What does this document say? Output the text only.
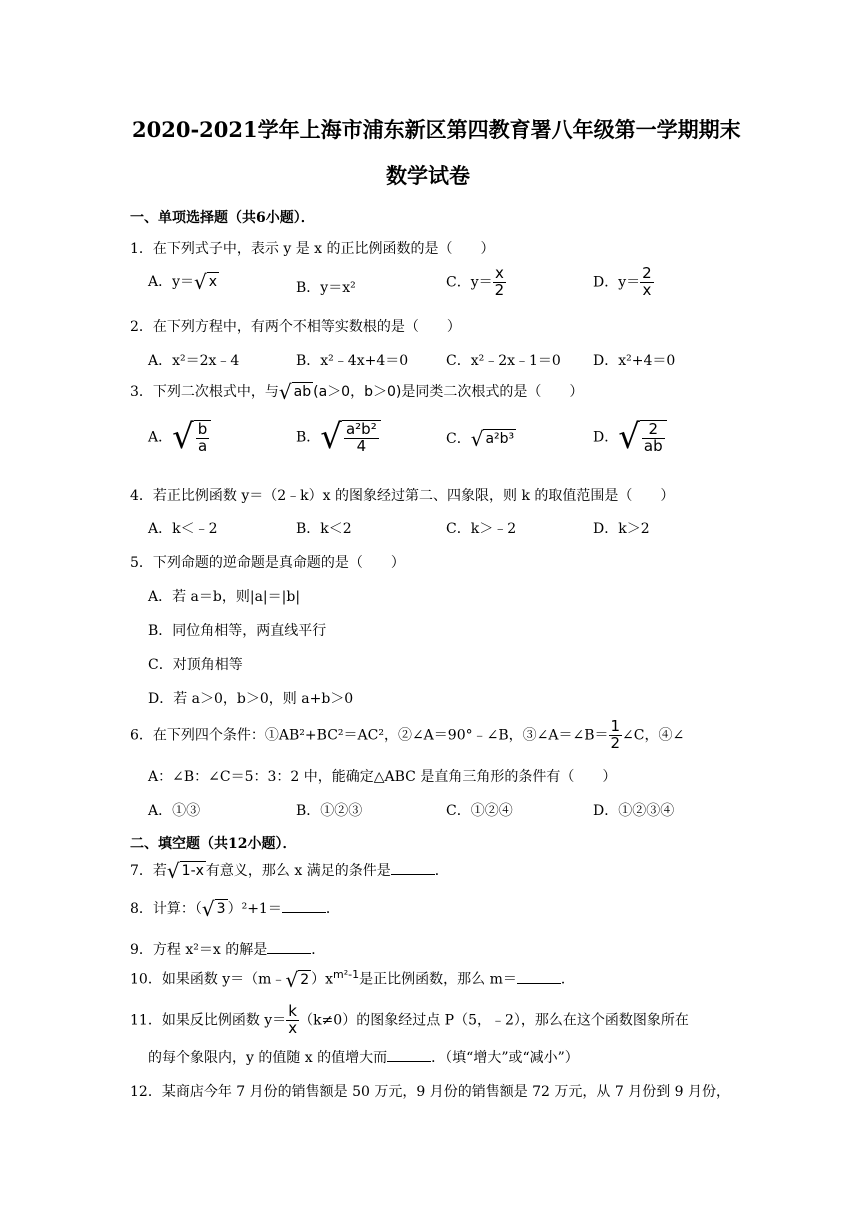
2020-2021学年上海市浦东新区第四教育署八年级第一学期期末
数学试卷
一、单项选择题（共6小题）．
1．在下列式子中，表示 y 是 x 的正比例函数的是（　　）
A．y＝ √ x	B．y＝x²	C．$y= \frac{x}{2}$	D．$y= \frac{2}{x}$
2．在下列方程中，有两个不相等实数根的是（　　）
A．x²＝2x﹣4	B．x²﹣4x+4＝0	C．x²﹣2x﹣1＝0 D．x²+4＝0
3．下列二次根式中，与 √ ab (a＞0，b＞0)是同类二次根式的是（　　）
A． √ $\frac{b}{a}$	B． √ $\frac{\text{a²b²}}{4}$	C． √ a²b³	D． √ $\frac{2}{ab}$
4．若正比例函数 y＝（2﹣k）x 的图象经过第二、四象限，则 k 的取值范围是（　　）
A．k＜﹣2	B．k＜2	C．k＞﹣2	D．k＞2
5．下列命题的逆命题是真命题的是（　　）
A．若 a＝b，则|a|＝|b|
B．同位角相等，两直线平行
C．对顶角相等
D．若 a＞0，b＞0，则 a+b＞0
6．在下列四个条件：①AB²+BC²＝AC²，②∠A＝90°﹣∠B，③∠A＝∠B＝ $\frac{1}{2}$ ∠C，④∠
A：∠B：∠C＝5：3：2 中，能确定△ABC 是直角三角形的条件有（　　）
A．①③	B．①②③	C．①②④	D．①②③④
二、填空题（共12小题）．
7．若 √ 1-x 有意义，那么 x 满足的条件是	．
8．计算：（ √ 3 ）²+1＝	．
9．方程 x²＝x 的解是	．
10．如果函数 y＝（m﹣ √ 2 ）$x^{m^2-1}$是正比例函数，那么 m＝	．
11．如果反比例函数 $y= \frac{k}{x} (k\ne 0)$的图象经过点 P（5，﹣2），那么在这个函数图象所在
的每个象限内，y 的值随 x 的值增大而	．（填“增大”或“减小”）
12．某商店今年 7 月份的销售额是 50 万元，9 月份的销售额是 72 万元，从 7 月份到 9 月份，
